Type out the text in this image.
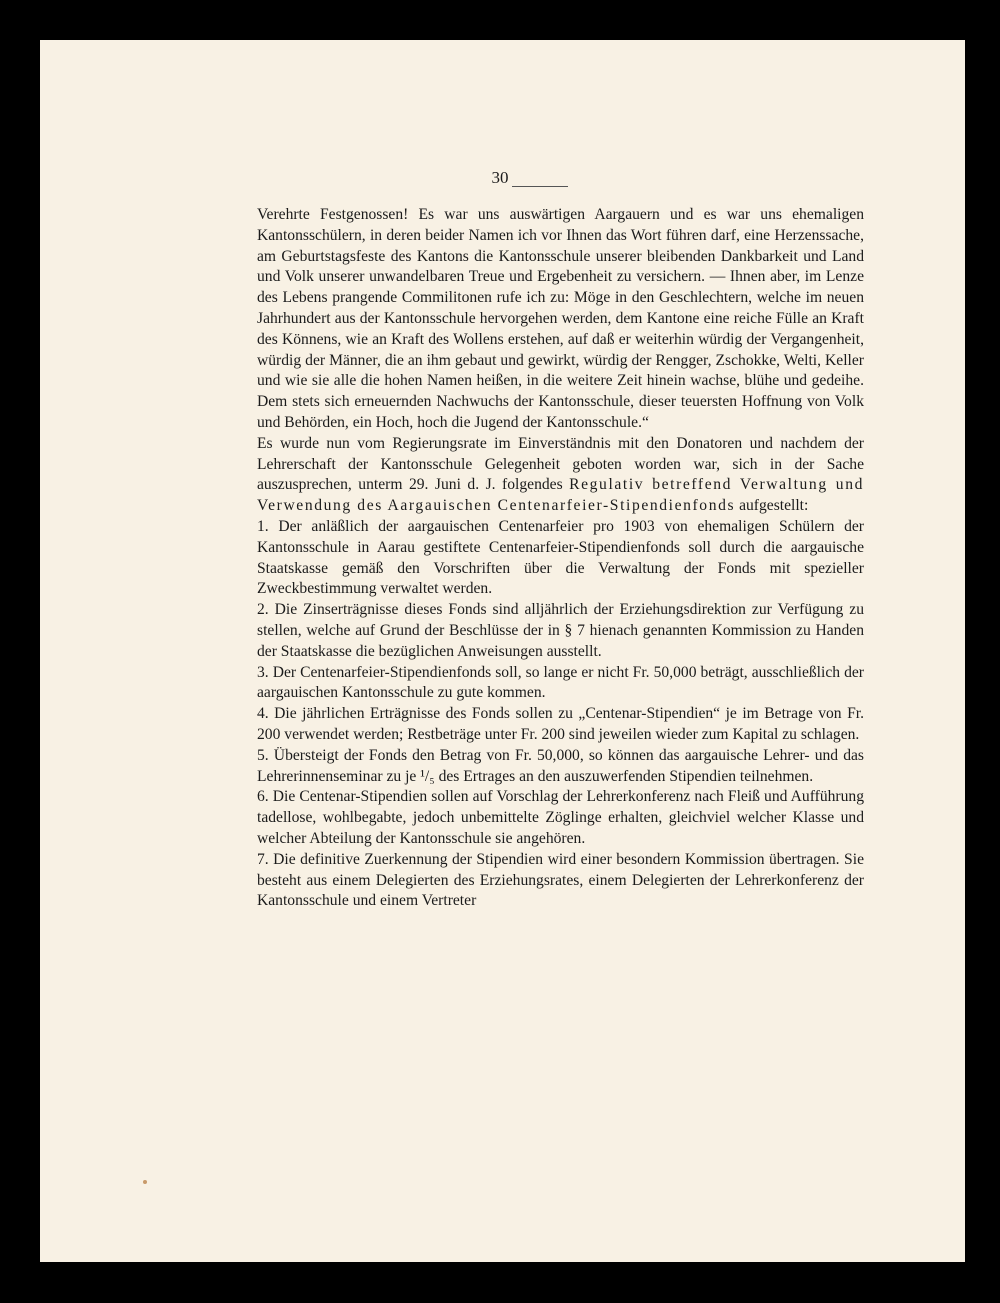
30

Verehrte Festgenossen! Es war uns auswärtigen Aargauern und es war uns ehemaligen Kantonsschülern, in deren beider Namen ich vor Ihnen das Wort führen darf, eine Herzenssache, am Geburtstagsfeste des Kantons die Kantonsschule unserer bleibenden Dankbarkeit und Land und Volk unserer unwandelbaren Treue und Ergebenheit zu versichern. — Ihnen aber, im Lenze des Lebens prangende Commilitonen rufe ich zu: Möge in den Geschlechtern, welche im neuen Jahrhundert aus der Kantonsschule hervorgehen werden, dem Kantone eine reiche Fülle an Kraft des Könnens, wie an Kraft des Wollens erstehen, auf daß er weiterhin würdig der Vergangenheit, würdig der Männer, die an ihm gebaut und gewirkt, würdig der Rengger, Zschokke, Welti, Keller und wie sie alle die hohen Namen heißen, in die weitere Zeit hinein wachse, blühe und gedeihe. Dem stets sich erneuernden Nachwuchs der Kantonsschule, dieser teuersten Hoffnung von Volk und Behörden, ein Hoch, hoch die Jugend der Kantonsschule.“

Es wurde nun vom Regierungsrate im Einverständnis mit den Donatoren und nachdem der Lehrerschaft der Kantonsschule Gelegenheit geboten worden war, sich in der Sache auszusprechen, unterm 29. Juni d. J. folgendes Regulativ betreffend Verwaltung und Verwendung des Aargauischen Centenarfeier-Stipendienfonds aufgestellt:

1. Der anläßlich der aargauischen Centenarfeier pro 1903 von ehemaligen Schülern der Kantonsschule in Aarau gestiftete Centenarfeier-Stipendienfonds soll durch die aargauische Staatskasse gemäß den Vorschriften über die Verwaltung der Fonds mit spezieller Zweckbestimmung verwaltet werden.

2. Die Zinserträgnisse dieses Fonds sind alljährlich der Erziehungsdirektion zur Verfügung zu stellen, welche auf Grund der Beschlüsse der in § 7 hienach genannten Kommission zu Handen der Staatskasse die bezüglichen Anweisungen ausstellt.

3. Der Centenarfeier-Stipendienfonds soll, so lange er nicht Fr. 50,000 beträgt, ausschließlich der aargauischen Kantonsschule zu gute kommen.

4. Die jährlichen Erträgnisse des Fonds sollen zu „Centenar-Stipendien“ je im Betrage von Fr. 200 verwendet werden; Restbeträge unter Fr. 200 sind jeweilen wieder zum Kapital zu schlagen.

5. Übersteigt der Fonds den Betrag von Fr. 50,000, so können das aargauische Lehrer- und das Lehrerinnenseminar zu je ¹/₅ des Ertrages an den auszuwerfenden Stipendien teilnehmen.

6. Die Centenar-Stipendien sollen auf Vorschlag der Lehrerkonferenz nach Fleiß und Aufführung tadellose, wohlbegabte, jedoch unbemittelte Zöglinge erhalten, gleichviel welcher Klasse und welcher Abteilung der Kantonsschule sie angehören.

7. Die definitive Zuerkennung der Stipendien wird einer besondern Kommission übertragen. Sie besteht aus einem Delegierten des Erziehungsrates, einem Delegierten der Lehrerkonferenz der Kantonsschule und einem Vertreter
